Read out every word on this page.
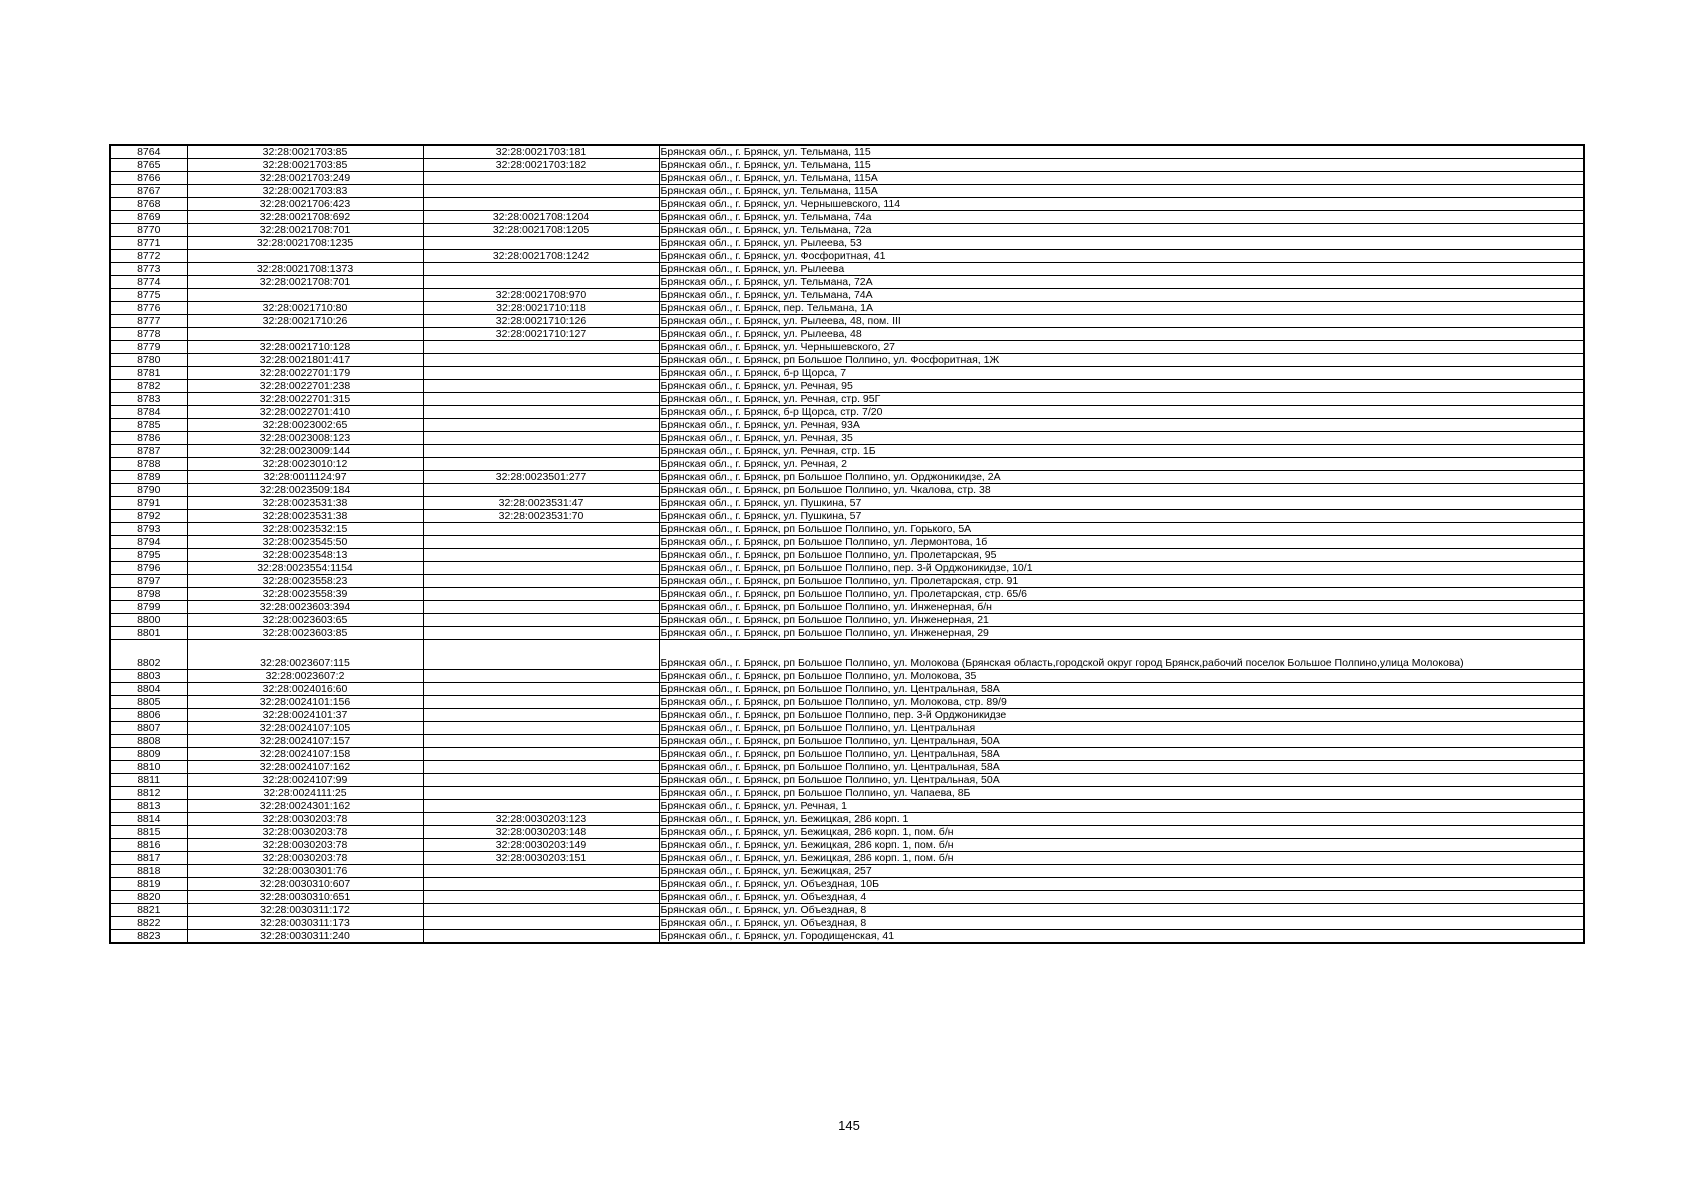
8764	32:28:0021703:85	32:28:0021703:181	Брянская обл., г. Брянск, ул. Тельмана, 115
8765	32:28:0021703:85	32:28:0021703:182	Брянская обл., г. Брянск, ул. Тельмана, 115
8766	32:28:0021703:249		Брянская обл., г. Брянск, ул. Тельмана, 115А
8767	32:28:0021703:83		Брянская обл., г. Брянск, ул. Тельмана, 115А
8768	32:28:0021706:423		Брянская обл., г. Брянск, ул. Чернышевского, 114
8769	32:28:0021708:692	32:28:0021708:1204	Брянская обл., г. Брянск, ул. Тельмана, 74а
8770	32:28:0021708:701	32:28:0021708:1205	Брянская обл., г. Брянск, ул. Тельмана, 72а
8771	32:28:0021708:1235		Брянская обл., г. Брянск, ул. Рылеева, 53
8772		32:28:0021708:1242	Брянская обл., г. Брянск, ул. Фосфоритная, 41
8773	32:28:0021708:1373		Брянская обл., г. Брянск, ул. Рылеева
8774	32:28:0021708:701		Брянская обл., г. Брянск, ул. Тельмана, 72А
8775		32:28:0021708:970	Брянская обл., г. Брянск, ул. Тельмана, 74А
8776	32:28:0021710:80	32:28:0021710:118	Брянская обл., г. Брянск, пер. Тельмана, 1А
8777	32:28:0021710:26	32:28:0021710:126	Брянская обл., г. Брянск, ул. Рылеева, 48, пом. III
8778		32:28:0021710:127	Брянская обл., г. Брянск, ул. Рылеева, 48
8779	32:28:0021710:128		Брянская обл., г. Брянск, ул. Чернышевского, 27
8780	32:28:0021801:417		Брянская обл., г. Брянск, рп Большое Полпино, ул. Фосфоритная, 1Ж
8781	32:28:0022701:179		Брянская обл., г. Брянск, б-р Щорса, 7
8782	32:28:0022701:238		Брянская обл., г. Брянск, ул. Речная, 95
8783	32:28:0022701:315		Брянская обл., г. Брянск, ул. Речная, стр. 95Г
8784	32:28:0022701:410		Брянская обл., г. Брянск, б-р Щорса, стр. 7/20
8785	32:28:0023002:65		Брянская обл., г. Брянск, ул. Речная, 93А
8786	32:28:0023008:123		Брянская обл., г. Брянск, ул. Речная, 35
8787	32:28:0023009:144		Брянская обл., г. Брянск, ул. Речная, стр. 1Б
8788	32:28:0023010:12		Брянская обл., г. Брянск, ул. Речная, 2
8789	32:28:0011124:97	32:28:0023501:277	Брянская обл., г. Брянск, рп Большое Полпино, ул. Орджоникидзе, 2А
8790	32:28:0023509:184		Брянская обл., г. Брянск, рп Большое Полпино, ул. Чкалова, стр. 38
8791	32:28:0023531:38	32:28:0023531:47	Брянская обл., г. Брянск, ул. Пушкина, 57
8792	32:28:0023531:38	32:28:0023531:70	Брянская обл., г. Брянск, ул. Пушкина, 57
8793	32:28:0023532:15		Брянская обл., г. Брянск, рп Большое Полпино, ул. Горького, 5А
8794	32:28:0023545:50		Брянская обл., г. Брянск, рп Большое Полпино, ул. Лермонтова, 1б
8795	32:28:0023548:13		Брянская обл., г. Брянск, рп Большое Полпино, ул. Пролетарская, 95
8796	32:28:0023554:1154		Брянская обл., г. Брянск, рп Большое Полпино, пер. 3-й Орджоникидзе, 10/1
8797	32:28:0023558:23		Брянская обл., г. Брянск, рп Большое Полпино, ул. Пролетарская, стр. 91
8798	32:28:0023558:39		Брянская обл., г. Брянск, рп Большое Полпино, ул. Пролетарская, стр. 65/6
8799	32:28:0023603:394		Брянская обл., г. Брянск, рп Большое Полпино, ул. Инженерная, б/н
8800	32:28:0023603:65		Брянская обл., г. Брянск, рп Большое Полпино, ул. Инженерная, 21
8801	32:28:0023603:85		Брянская обл., г. Брянск, рп Большое Полпино, ул. Инженерная, 29
8802	32:28:0023607:115		Брянская обл., г. Брянск, рп Большое Полпино, ул. Молокова (Брянская область,городской округ город Брянск,рабочий поселок Большое Полпино,улица Молокова)
8803	32:28:0023607:2		Брянская обл., г. Брянск, рп Большое Полпино, ул. Молокова, 35
8804	32:28:0024016:60		Брянская обл., г. Брянск, рп Большое Полпино, ул. Центральная, 58А
8805	32:28:0024101:156		Брянская обл., г. Брянск, рп Большое Полпино, ул. Молокова, стр. 89/9
8806	32:28:0024101:37		Брянская обл., г. Брянск, рп Большое Полпино, пер. 3-й Орджоникидзе
8807	32:28:0024107:105		Брянская обл., г. Брянск, рп Большое Полпино, ул. Центральная
8808	32:28:0024107:157		Брянская обл., г. Брянск, рп Большое Полпино, ул. Центральная, 50А
8809	32:28:0024107:158		Брянская обл., г. Брянск, рп Большое Полпино, ул. Центральная, 58А
8810	32:28:0024107:162		Брянская обл., г. Брянск, рп Большое Полпино, ул. Центральная, 58А
8811	32:28:0024107:99		Брянская обл., г. Брянск, рп Большое Полпино, ул. Центральная, 50А
8812	32:28:0024111:25		Брянская обл., г. Брянск, рп Большое Полпино, ул. Чапаева, 8Б
8813	32:28:0024301:162		Брянская обл., г. Брянск, ул. Речная, 1
8814	32:28:0030203:78	32:28:0030203:123	Брянская обл., г. Брянск, ул. Бежицкая, 286 корп. 1
8815	32:28:0030203:78	32:28:0030203:148	Брянская обл., г. Брянск, ул. Бежицкая, 286 корп. 1, пом. б/н
8816	32:28:0030203:78	32:28:0030203:149	Брянская обл., г. Брянск, ул. Бежицкая, 286 корп. 1, пом. б/н
8817	32:28:0030203:78	32:28:0030203:151	Брянская обл., г. Брянск, ул. Бежицкая, 286 корп. 1, пом. б/н
8818	32:28:0030301:76		Брянская обл., г. Брянск, ул. Бежицкая, 257
8819	32:28:0030310:607		Брянская обл., г. Брянск, ул. Объездная, 10Б
8820	32:28:0030310:651		Брянская обл., г. Брянск, ул. Объездная, 4
8821	32:28:0030311:172		Брянская обл., г. Брянск, ул. Объездная, 8
8822	32:28:0030311:173		Брянская обл., г. Брянск, ул. Объездная, 8
8823	32:28:0030311:240		Брянская обл., г. Брянск, ул. Городищенская, 41
145
